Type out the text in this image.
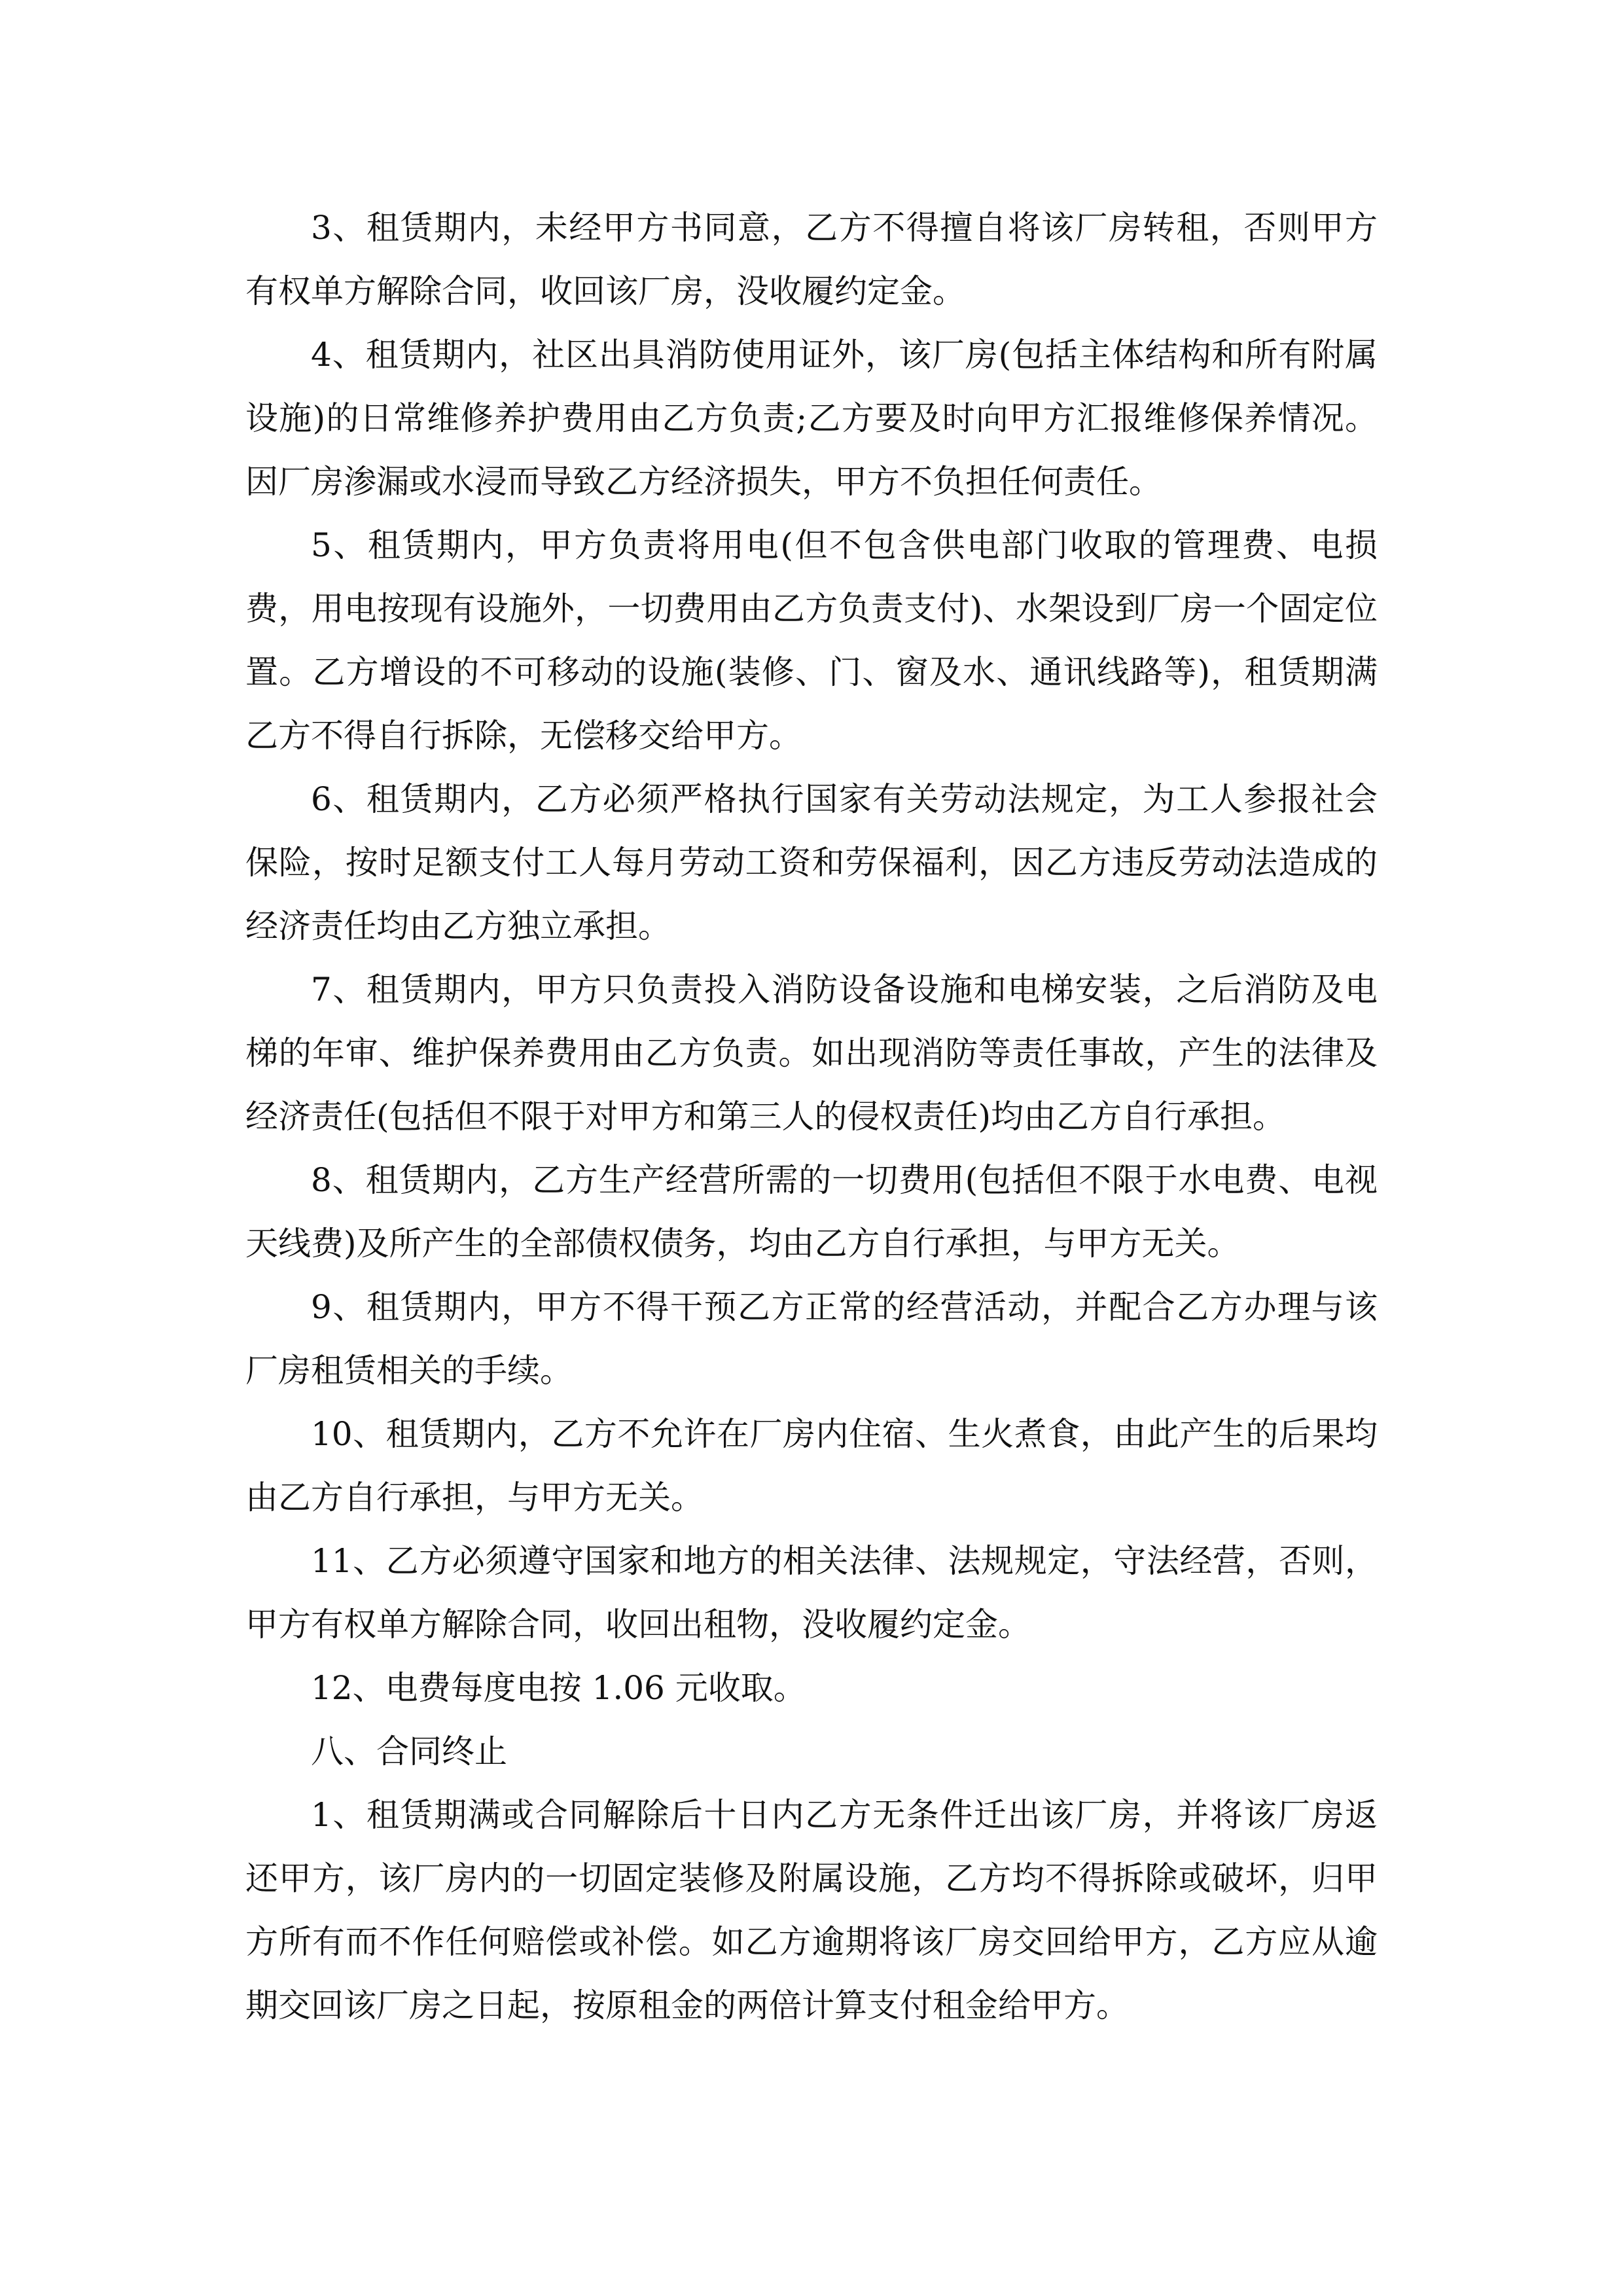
3、租赁期内，未经甲方书同意，乙方不得擅自将该厂房转租，否则甲方有权单方解除合同，收回该厂房，没收履约定金。

4、租赁期内，社区出具消防使用证外，该厂房(包括主体结构和所有附属设施)的日常维修养护费用由乙方负责;乙方要及时向甲方汇报维修保养情况。因厂房渗漏或水浸而导致乙方经济损失，甲方不负担任何责任。

5、租赁期内，甲方负责将用电(但不包含供电部门收取的管理费、电损费，用电按现有设施外，一切费用由乙方负责支付)、水架设到厂房一个固定位置。乙方增设的不可移动的设施(装修、门、窗及水、通讯线路等)，租赁期满乙方不得自行拆除，无偿移交给甲方。

6、租赁期内，乙方必须严格执行国家有关劳动法规定，为工人参报社会保险，按时足额支付工人每月劳动工资和劳保福利，因乙方违反劳动法造成的经济责任均由乙方独立承担。

7、租赁期内，甲方只负责投入消防设备设施和电梯安装，之后消防及电梯的年审、维护保养费用由乙方负责。如出现消防等责任事故，产生的法律及经济责任(包括但不限于对甲方和第三人的侵权责任)均由乙方自行承担。

8、租赁期内，乙方生产经营所需的一切费用(包括但不限于水电费、电视天线费)及所产生的全部债权债务，均由乙方自行承担，与甲方无关。

9、租赁期内，甲方不得干预乙方正常的经营活动，并配合乙方办理与该厂房租赁相关的手续。

10、租赁期内，乙方不允许在厂房内住宿、生火煮食，由此产生的后果均由乙方自行承担，与甲方无关。

11、乙方必须遵守国家和地方的相关法律、法规规定，守法经营，否则，甲方有权单方解除合同，收回出租物，没收履约定金。

12、电费每度电按 1.06 元收取。

八、合同终止

1、租赁期满或合同解除后十日内乙方无条件迁出该厂房，并将该厂房返还甲方，该厂房内的一切固定装修及附属设施，乙方均不得拆除或破坏，归甲方所有而不作任何赔偿或补偿。如乙方逾期将该厂房交回给甲方，乙方应从逾期交回该厂房之日起，按原租金的两倍计算支付租金给甲方。
